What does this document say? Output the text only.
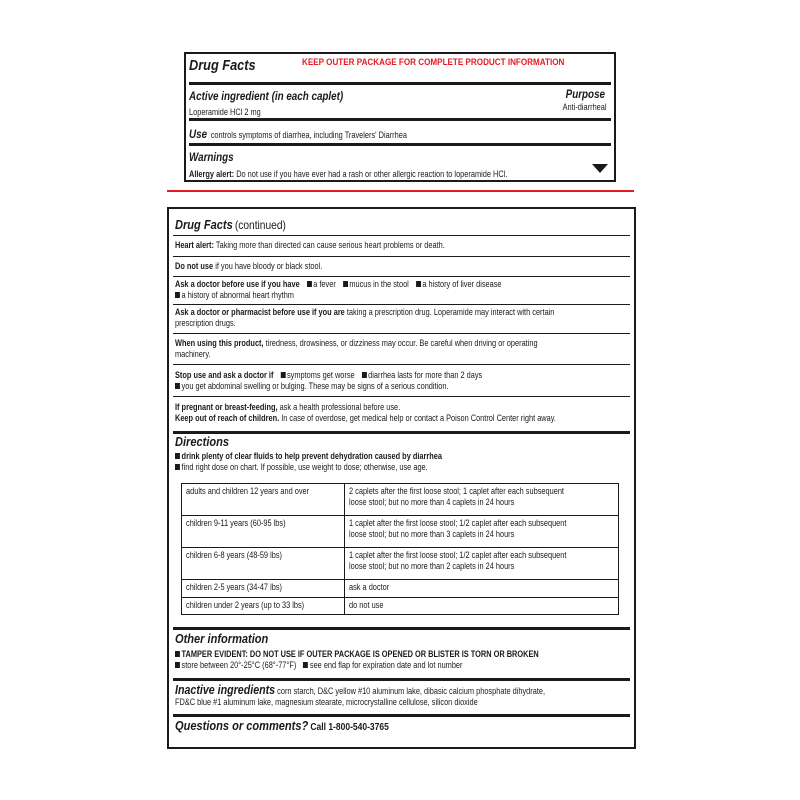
Drug Facts
Active ingredient (in each caplet)	Purpose
Loperamide HCl 2 mg	Anti-diarrheal
Use controls symptoms of diarrhea, including Travelers' Diarrhea
Warnings
Allergy alert: Do not use if you have ever had a rash or other allergic reaction to loperamide HCl.
KEEP OUTER PACKAGE FOR COMPLETE PRODUCT INFORMATION
Drug Facts (continued)
Heart alert: Taking more than directed can cause serious heart problems or death.
Do not use if you have bloody or black stool.
Ask a doctor before use if you have a fever mucus in the stool a history of liver disease
a history of abnormal heart rhythm
Ask a doctor or pharmacist before use if you are taking a prescription drug. Loperamide may interact with certain
prescription drugs.
When using this product, tiredness, drowsiness, or dizziness may occur. Be careful when driving or operating
machinery.
Stop use and ask a doctor if symptoms get worse diarrhea lasts for more than 2 days
you get abdominal swelling or bulging. These may be signs of a serious condition.
If pregnant or breast-feeding, ask a health professional before use.
Keep out of reach of children. In case of overdose, get medical help or contact a Poison Control Center right away.
Directions
drink plenty of clear fluids to help prevent dehydration caused by diarrhea
find right dose on chart. If possible, use weight to dose; otherwise, use age.
Other information
TAMPER EVIDENT: DO NOT USE IF OUTER PACKAGE IS OPENED OR BLISTER IS TORN OR BROKEN
store between 20°-25°C (68°-77°F) see end flap for expiration date and lot number
Inactive ingredients corn starch, D&C yellow #10 aluminum lake, dibasic calcium phosphate dihydrate,
FD&C blue #1 aluminum lake, magnesium stearate, microcrystalline cellulose, silicon dioxide
Questions or comments? Call 1-800-540-3765
adults and children 12 years and over	2 caplets after the first loose stool; 1 caplet after each subsequent
loose stool; but no more than 4 caplets in 24 hours

children 9-11 years (60-95 lbs)	1 caplet after the first loose stool; 1/2 caplet after each subsequent
loose stool; but no more than 3 caplets in 24 hours

children 6-8 years (48-59 lbs)	1 caplet after the first loose stool; 1/2 caplet after each subsequent
loose stool; but no more than 2 caplets in 24 hours

children 2-5 years (34-47 lbs)	ask a doctor

children under 2 years (up to 33 lbs)	do not use
